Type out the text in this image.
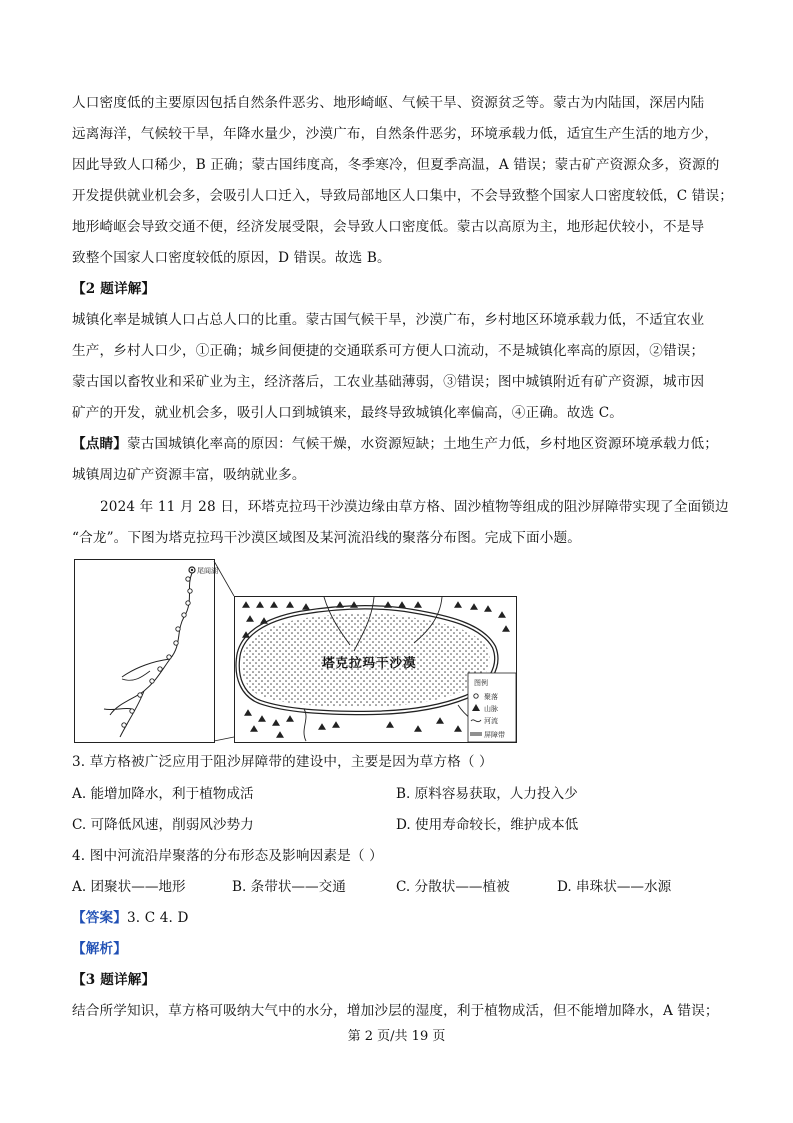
人口密度低的主要原因包括自然条件恶劣、地形崎岖、气候干旱、资源贫乏等。蒙古为内陆国，深居内陆
远离海洋，气候较干旱，年降水量少，沙漠广布，自然条件恶劣，环境承载力低，适宜生产生活的地方少，
因此导致人口稀少，B 正确；蒙古国纬度高，冬季寒冷，但夏季高温，A 错误；蒙古矿产资源众多，资源的
开发提供就业机会多，会吸引人口迁入，导致局部地区人口集中，不会导致整个国家人口密度较低，C 错误；
地形崎岖会导致交通不便，经济发展受限，会导致人口密度低。蒙古以高原为主，地形起伏较小，不是导
致整个国家人口密度较低的原因，D 错误。故选 B。
【2 题详解】
城镇化率是城镇人口占总人口的比重。蒙古国气候干旱，沙漠广布，乡村地区环境承载力低，不适宜农业
生产，乡村人口少，①正确；城乡间便捷的交通联系可方便人口流动，不是城镇化率高的原因，②错误；
蒙古国以畜牧业和采矿业为主，经济落后，工农业基础薄弱，③错误；图中城镇附近有矿产资源，城市因
矿产的开发，就业机会多，吸引人口到城镇来，最终导致城镇化率偏高，④正确。故选 C。
【点睛】蒙古国城镇化率高的原因：气候干燥，水资源短缺；土地生产力低，乡村地区资源环境承载力低；
城镇周边矿产资源丰富，吸纳就业多。
2024 年 11 月 28 日，环塔克拉玛干沙漠边缘由草方格、固沙植物等组成的阻沙屏障带实现了全面锁边
“合龙”。下图为塔克拉玛干沙漠区域图及某河流沿线的聚落分布图。完成下面小题。
尾闾湖
塔克拉玛干沙漠
图例
聚落
山脉
河流
屏障带
3. 草方格被广泛应用于阻沙屏障带的建设中，主要是因为草方格（ ）
A. 能增加降水，利于植物成活	B. 原料容易获取，人力投入少
C. 可降低风速，削弱风沙势力	D. 使用寿命较长，维护成本低
4. 图中河流沿岸聚落的分布形态及影响因素是（ ）
A. 团聚状——地形	B. 条带状——交通	C. 分散状——植被	D. 串珠状——水源
【答案】3. C 4. D
【解析】
【3 题详解】
结合所学知识，草方格可吸纳大气中的水分，增加沙层的湿度，利于植物成活，但不能增加降水，A 错误；
第 2 页/共 19 页
